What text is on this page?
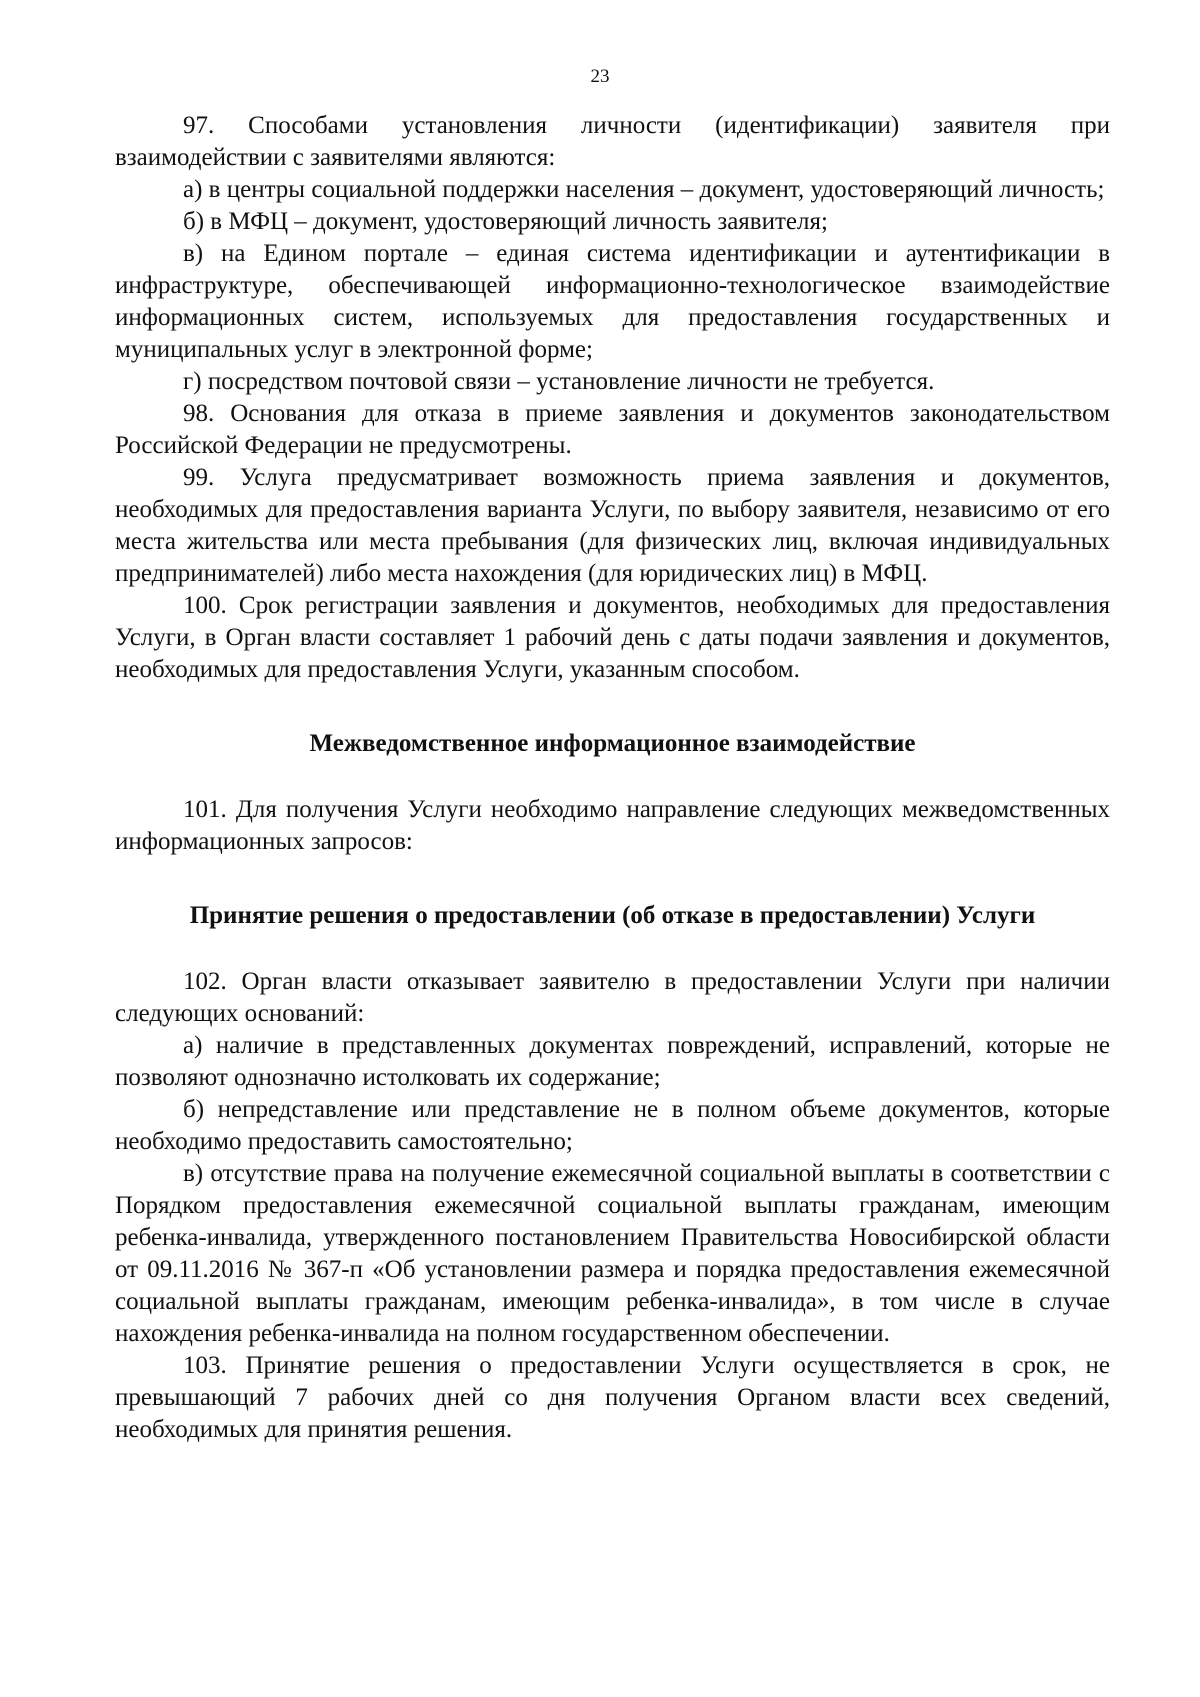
23

97. Способами установления личности (идентификации) заявителя при взаимодействии с заявителями являются:

а) в центры социальной поддержки населения – документ, удостоверяющий личность;

б) в МФЦ – документ, удостоверяющий личность заявителя;

в) на Едином портале – единая система идентификации и аутентификации в инфраструктуре, обеспечивающей информационно-технологическое взаимодействие информационных систем, используемых для предоставления государственных и муниципальных услуг в электронной форме;

г) посредством почтовой связи – установление личности не требуется.

98. Основания для отказа в приеме заявления и документов законодательством Российской Федерации не предусмотрены.

99. Услуга предусматривает возможность приема заявления и документов, необходимых для предоставления варианта Услуги, по выбору заявителя, независимо от его места жительства или места пребывания (для физических лиц, включая индивидуальных предпринимателей) либо места нахождения (для юридических лиц) в МФЦ.

100. Срок регистрации заявления и документов, необходимых для предоставления Услуги, в Орган власти составляет 1 рабочий день с даты подачи заявления и документов, необходимых для предоставления Услуги, указанным способом.

Межведомственное информационное взаимодействие

101. Для получения Услуги необходимо направление следующих межведомственных информационных запросов:

Принятие решения о предоставлении (об отказе в предоставлении) Услуги

102. Орган власти отказывает заявителю в предоставлении Услуги при наличии следующих оснований:

а) наличие в представленных документах повреждений, исправлений, которые не позволяют однозначно истолковать их содержание;

б) непредставление или представление не в полном объеме документов, которые необходимо предоставить самостоятельно;

в) отсутствие права на получение ежемесячной социальной выплаты в соответствии с Порядком предоставления ежемесячной социальной выплаты гражданам, имеющим ребенка-инвалида, утвержденного постановлением Правительства Новосибирской области от 09.11.2016 № 367-п «Об установлении размера и порядка предоставления ежемесячной социальной выплаты гражданам, имеющим ребенка-инвалида», в том числе в случае нахождения ребенка-инвалида на полном государственном обеспечении.

103. Принятие решения о предоставлении Услуги осуществляется в срок, не превышающий 7 рабочих дней со дня получения Органом власти всех сведений, необходимых для принятия решения.
